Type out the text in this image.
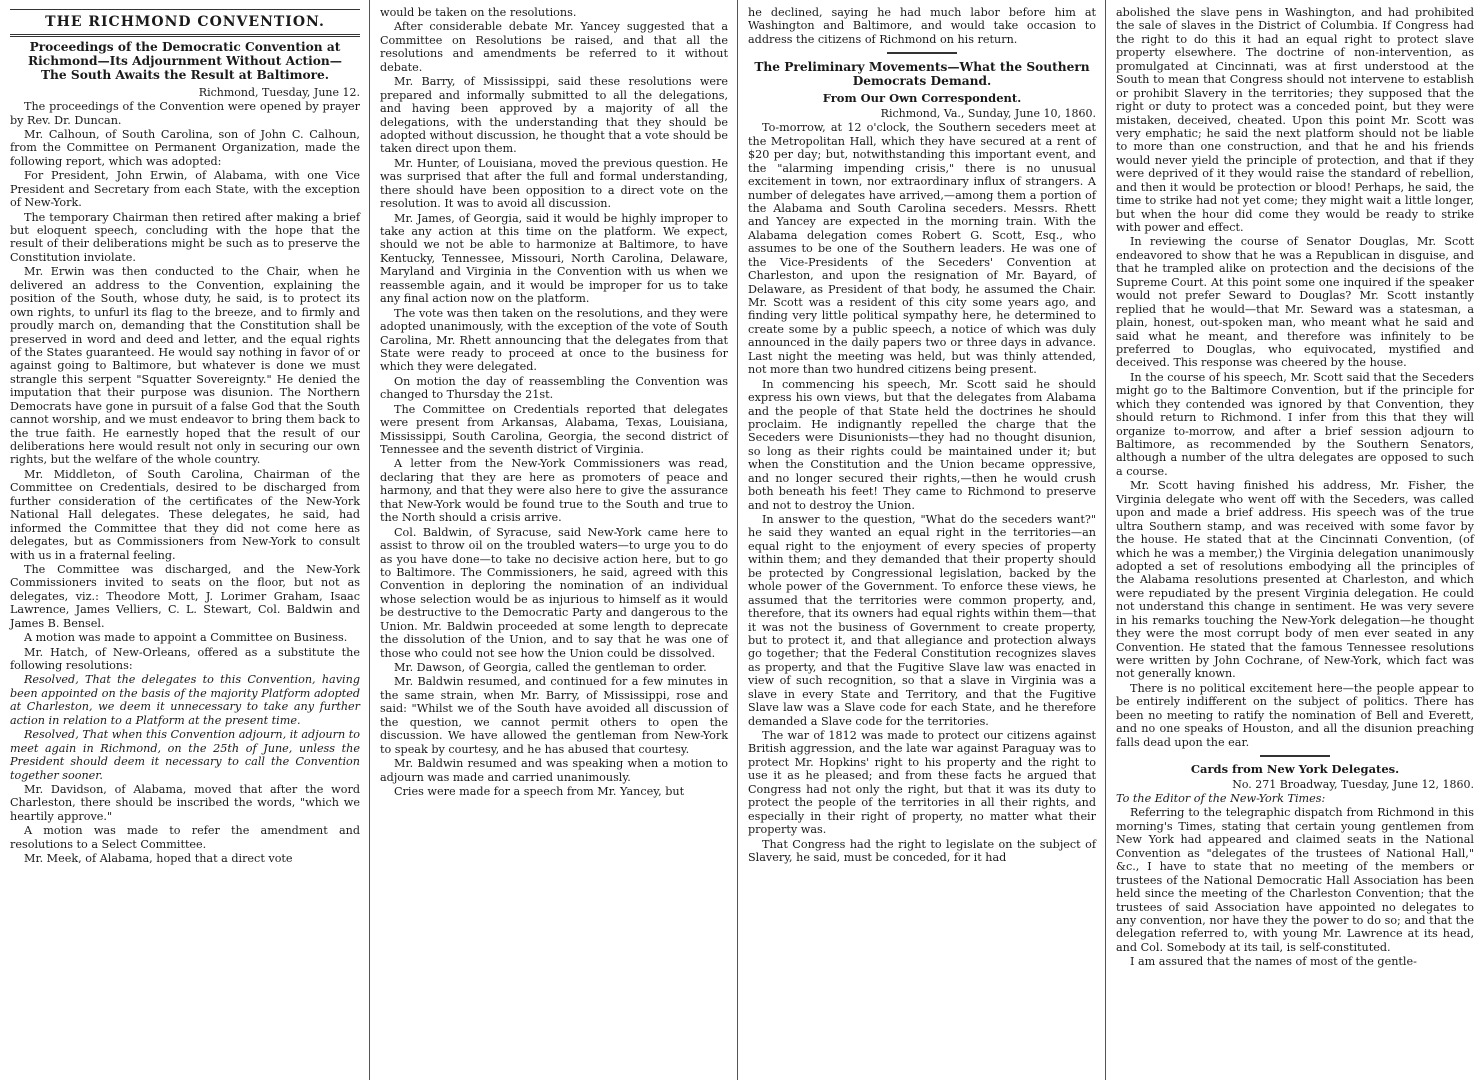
THE RICHMOND CONVENTION.
Proceedings of the Democratic Convention at Richmond—Its Adjournment Without Action—The South Awaits the Result at Baltimore.
Richmond, Tuesday, June 12.

The proceedings of the Convention were opened by prayer by Rev. Dr. Duncan.

Mr. Calhoun, of South Carolina, son of John C. Calhoun, from the Committee on Permanent Organization, made the following report, which was adopted:

For President, John Erwin, of Alabama, with one Vice President and Secretary from each State, with the exception of New-York.

The temporary Chairman then retired after making a brief but eloquent speech, concluding with the hope that the result of their deliberations might be such as to preserve the Constitution inviolate.

Mr. Erwin was then conducted to the Chair, when he delivered an address to the Convention, explaining the position of the South, whose duty, he said, is to protect its own rights, to unfurl its flag to the breeze, and to firmly and proudly march on, demanding that the Constitution shall be preserved in word and deed and letter, and the equal rights of the States guaranteed. He would say nothing in favor of or against going to Baltimore, but whatever is done we must strangle this serpent "Squatter Sovereignty." He denied the imputation that their purpose was disunion. The Northern Democrats have gone in pursuit of a false God that the South cannot worship, and we must endeavor to bring them back to the true faith. He earnestly hoped that the result of our deliberations here would result not only in securing our own rights, but the welfare of the whole country.

Mr. Middleton, of South Carolina, Chairman of the Committee on Credentials, desired to be discharged from further consideration of the certificates of the New-York National Hall delegates. These delegates, he said, had informed the Committee that they did not come here as delegates, but as Commissioners from New-York to consult with us in a fraternal feeling.

The Committee was discharged, and the New-York Commissioners invited to seats on the floor, but not as delegates, viz.: Theodore Mott, J. Lorimer Graham, Isaac Lawrence, James Velliers, C. L. Stewart, Col. Baldwin and James B. Bensel.

A motion was made to appoint a Committee on Business.

Mr. Hatch, of New-Orleans, offered as a substitute the following resolutions:

Resolved, That the delegates to this Convention, having been appointed on the basis of the majority Platform adopted at Charleston, we deem it unnecessary to take any further action in relation to a Platform at the present time.

Resolved, That when this Convention adjourn, it adjourn to meet again in Richmond, on the 25th of June, unless the President should deem it necessary to call the Convention together sooner.

Mr. Davidson, of Alabama, moved that after the word Charleston, there should be inscribed the words, "which we heartily approve."

A motion was made to refer the amendment and resolutions to a Select Committee.

Mr. Meek, of Alabama, hoped that a direct vote

would be taken on the resolutions.

After considerable debate Mr. Yancey suggested that a Committee on Resolutions be raised, and that all the resolutions and amendments be referred to it without debate.

Mr. Barry, of Mississippi, said these resolutions were prepared and informally submitted to all the delegations, and having been approved by a majority of all the delegations, with the understanding that they should be adopted without discussion, he thought that a vote should be taken direct upon them.

Mr. Hunter, of Louisiana, moved the previous question. He was surprised that after the full and formal understanding, there should have been opposition to a direct vote on the resolution. It was to avoid all discussion.

Mr. James, of Georgia, said it would be highly improper to take any action at this time on the platform. We expect, should we not be able to harmonize at Baltimore, to have Kentucky, Tennessee, Missouri, North Carolina, Delaware, Maryland and Virginia in the Convention with us when we reassemble again, and it would be improper for us to take any final action now on the platform.

The vote was then taken on the resolutions, and they were adopted unanimously, with the exception of the vote of South Carolina, Mr. Rhett announcing that the delegates from that State were ready to proceed at once to the business for which they were delegated.

On motion the day of reassembling the Convention was changed to Thursday the 21st.

The Committee on Credentials reported that delegates were present from Arkansas, Alabama, Texas, Louisiana, Mississippi, South Carolina, Georgia, the second district of Tennessee and the seventh district of Virginia.

A letter from the New-York Commissioners was read, declaring that they are here as promoters of peace and harmony, and that they were also here to give the assurance that New-York would be found true to the South and true to the North should a crisis arrive.

Col. Baldwin, of Syracuse, said New-York came here to assist to throw oil on the troubled waters—to urge you to do as you have done—to take no decisive action here, but to go to Baltimore. The Commissioners, he said, agreed with this Convention in deploring the nomination of an individual whose selection would be as injurious to himself as it would be destructive to the Democratic Party and dangerous to the Union. Mr. Baldwin proceeded at some length to deprecate the dissolution of the Union, and to say that he was one of those who could not see how the Union could be dissolved.

Mr. Dawson, of Georgia, called the gentleman to order.

Mr. Baldwin resumed, and continued for a few minutes in the same strain, when Mr. Barry, of Mississippi, rose and said: "Whilst we of the South have avoided all discussion of the question, we cannot permit others to open the discussion. We have allowed the gentleman from New-York to speak by courtesy, and he has abused that courtesy.

Mr. Baldwin resumed and was speaking when a motion to adjourn was made and carried unanimously.

Cries were made for a speech from Mr. Yancey, but

he declined, saying he had much labor before him at Washington and Baltimore, and would take occasion to address the citizens of Richmond on his return.

The Preliminary Movements—What the Southern Democrats Demand.
From Our Own Correspondent.
Richmond, Va., Sunday, June 10, 1860.

To-morrow, at 12 o'clock, the Southern seceders meet at the Metropolitan Hall, which they have secured at a rent of $20 per day; but, notwithstanding this important event, and the "alarming impending crisis," there is no unusual excitement in town, nor extraordinary influx of strangers. A number of delegates have arrived,—among them a portion of the Alabama and South Carolina seceders. Messrs. Rhett and Yancey are expected in the morning train. With the Alabama delegation comes Robert G. Scott, Esq., who assumes to be one of the Southern leaders. He was one of the Vice-Presidents of the Seceders' Convention at Charleston, and upon the resignation of Mr. Bayard, of Delaware, as President of that body, he assumed the Chair. Mr. Scott was a resident of this city some years ago, and finding very little political sympathy here, he determined to create some by a public speech, a notice of which was duly announced in the daily papers two or three days in advance. Last night the meeting was held, but was thinly attended, not more than two hundred citizens being present.

In commencing his speech, Mr. Scott said he should express his own views, but that the delegates from Alabama and the people of that State held the doctrines he should proclaim. He indignantly repelled the charge that the Seceders were Disunionists—they had no thought disunion, so long as their rights could be maintained under it; but when the Constitution and the Union became oppressive, and no longer secured their rights,—then he would crush both beneath his feet! They came to Richmond to preserve and not to destroy the Union.

In answer to the question, "What do the seceders want?" he said they wanted an equal right in the territories—an equal right to the enjoyment of every species of property within them; and they demanded that their property should be protected by Congressional legislation, backed by the whole power of the Government. To enforce these views, he assumed that the territories were common property, and, therefore, that its owners had equal rights within them—that it was not the business of Government to create property, but to protect it, and that allegiance and protection always go together; that the Federal Constitution recognizes slaves as property, and that the Fugitive Slave law was enacted in view of such recognition, so that a slave in Virginia was a slave in every State and Territory, and that the Fugitive Slave law was a Slave code for each State, and he therefore demanded a Slave code for the territories.

The war of 1812 was made to protect our citizens against British aggression, and the late war against Paraguay was to protect Mr. Hopkins' right to his property and the right to use it as he pleased; and from these facts he argued that Congress had not only the right, but that it was its duty to protect the people of the territories in all their rights, and especially in their right of property, no matter what their property was.

That Congress had the right to legislate on the subject of Slavery, he said, must be conceded, for it had

abolished the slave pens in Washington, and had prohibited the sale of slaves in the District of Columbia. If Congress had the right to do this it had an equal right to protect slave property elsewhere. The doctrine of non-intervention, as promulgated at Cincinnati, was at first understood at the South to mean that Congress should not intervene to establish or prohibit Slavery in the territories; they supposed that the right or duty to protect was a conceded point, but they were mistaken, deceived, cheated. Upon this point Mr. Scott was very emphatic; he said the next platform should not be liable to more than one construction, and that he and his friends would never yield the principle of protection, and that if they were deprived of it they would raise the standard of rebellion, and then it would be protection or blood! Perhaps, he said, the time to strike had not yet come; they might wait a little longer, but when the hour did come they would be ready to strike with power and effect.

In reviewing the course of Senator Douglas, Mr. Scott endeavored to show that he was a Republican in disguise, and that he trampled alike on protection and the decisions of the Supreme Court. At this point some one inquired if the speaker would not prefer Seward to Douglas? Mr. Scott instantly replied that he would—that Mr. Seward was a statesman, a plain, honest, out-spoken man, who meant what he said and said what he meant, and therefore was infinitely to be preferred to Douglas, who equivocated, mystified and deceived. This response was cheered by the house.

In the course of his speech, Mr. Scott said that the Seceders might go to the Baltimore Convention, but if the principle for which they contended was ignored by that Convention, they should return to Richmond. I infer from this that they will organize to-morrow, and after a brief session adjourn to Baltimore, as recommended by the Southern Senators, although a number of the ultra delegates are opposed to such a course.

Mr. Scott having finished his address, Mr. Fisher, the Virginia delegate who went off with the Seceders, was called upon and made a brief address. His speech was of the true ultra Southern stamp, and was received with some favor by the house. He stated that at the Cincinnati Convention, (of which he was a member,) the Virginia delegation unanimously adopted a set of resolutions embodying all the principles of the Alabama resolutions presented at Charleston, and which were repudiated by the present Virginia delegation. He could not understand this change in sentiment. He was very severe in his remarks touching the New-York delegation—he thought they were the most corrupt body of men ever seated in any Convention. He stated that the famous Tennessee resolutions were written by John Cochrane, of New-York, which fact was not generally known.

There is no political excitement here—the people appear to be entirely indifferent on the subject of politics. There has been no meeting to ratify the nomination of Bell and Everett, and no one speaks of Houston, and all the disunion preaching falls dead upon the ear.

Cards from New York Delegates.
No. 271 Broadway, Tuesday, June 12, 1860.

To the Editor of the New-York Times:

Referring to the telegraphic dispatch from Richmond in this morning's Times, stating that certain young gentlemen from New York had appeared and claimed seats in the National Convention as "delegates of the trustees of National Hall," &c., I have to state that no meeting of the members or trustees of the National Democratic Hall Association has been held since the meeting of the Charleston Convention; that the trustees of said Association have appointed no delegates to any convention, nor have they the power to do so; and that the delegation referred to, with young Mr. Lawrence at its head, and Col. Somebody at its tail, is self-constituted.

I am assured that the names of most of the gentle-
